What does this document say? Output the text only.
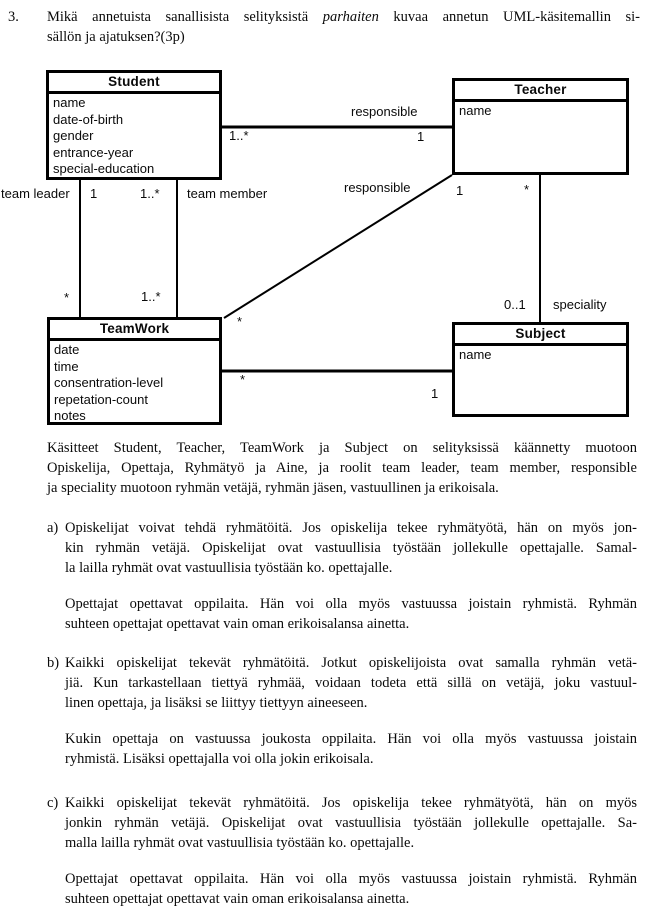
3.	Mikä annetuista sanallisista selityksistä parhaiten kuvaa annetun UML-käsitemallin si-
sällön ja ajatuksen?(3p)
Student
name
date-of-birth
gender
entrance-year
special-education
Teacher
name
TeamWork
date
time
consentration-level
repetation-count
notes
Subject
name
responsible
1..*	1
team leader 1	1..* team member
*	1..*
responsible	1	*
*
0..1 speciality
*
1
Käsitteet Student, Teacher, TeamWork ja Subject on selityksissä käännetty muotoon
Opiskelija, Opettaja, Ryhmätyö ja Aine, ja roolit team leader, team member, responsible
ja speciality muotoon ryhmän vetäjä, ryhmän jäsen, vastuullinen ja erikoisala.
a) Opiskelijat voivat tehdä ryhmätöitä. Jos opiskelija tekee ryhmätyötä, hän on myös jon-
kin ryhmän vetäjä. Opiskelijat ovat vastuullisia työstään jollekulle opettajalle. Samal-
la lailla ryhmät ovat vastuullisia työstään ko. opettajalle.
Opettajat opettavat oppilaita. Hän voi olla myös vastuussa joistain ryhmistä. Ryhmän
suhteen opettajat opettavat vain oman erikoisalansa ainetta.
b) Kaikki opiskelijat tekevät ryhmätöitä. Jotkut opiskelijoista ovat samalla ryhmän vetä-
jiä. Kun tarkastellaan tiettyä ryhmää, voidaan todeta että sillä on vetäjä, joku vastuul-
linen opettaja, ja lisäksi se liittyy tiettyyn aineeseen.
Kukin opettaja on vastuussa joukosta oppilaita. Hän voi olla myös vastuussa joistain
ryhmistä. Lisäksi opettajalla voi olla jokin erikoisala.
c) Kaikki opiskelijat tekevät ryhmätöitä. Jos opiskelija tekee ryhmätyötä, hän on myös
jonkin ryhmän vetäjä. Opiskelijat ovat vastuullisia työstään jollekulle opettajalle. Sa-
malla lailla ryhmät ovat vastuullisia työstään ko. opettajalle.
Opettajat opettavat oppilaita. Hän voi olla myös vastuussa joistain ryhmistä. Ryhmän
suhteen opettajat opettavat vain oman erikoisalansa ainetta.
